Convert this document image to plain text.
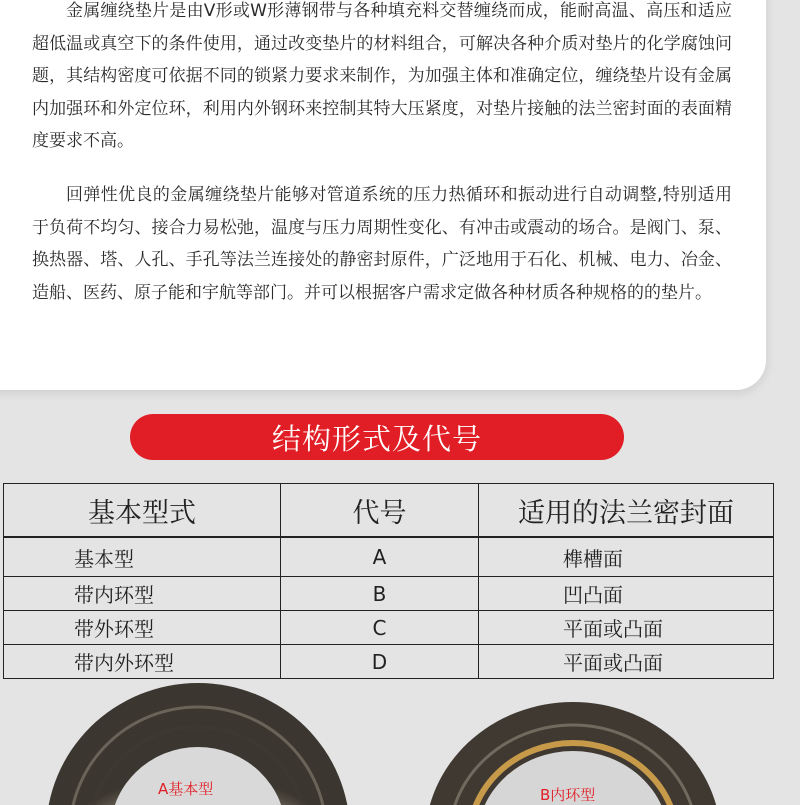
金属缠绕垫片是由V形或W形薄钢带与各种填充料交替缠绕而成，能耐高温、高压和适应超低温或真空下的条件使用，通过改变垫片的材料组合，可解决各种介质对垫片的化学腐蚀问题，其结构密度可依据不同的锁紧力要求来制作，为加强主体和准确定位，缠绕垫片设有金属内加强环和外定位环，利用内外钢环来控制其特大压紧度，对垫片接触的法兰密封面的表面精度要求不高。

回弹性优良的金属缠绕垫片能够对管道系统的压力热循环和振动进行自动调整,特别适用于负荷不均匀、接合力易松弛，温度与压力周期性变化、有冲击或震动的场合。是阀门、泵、换热器、塔、人孔、手孔等法兰连接处的静密封原件，广泛地用于石化、机械、电力、冶金、造船、医药、原子能和宇航等部门。并可以根据客户需求定做各种材质各种规格的的垫片。

结构形式及代号
基本型式	代号	适用的法兰密封面
基本型	A	榫槽面
带内环型	B	凹凸面
带外环型	C	平面或凸面
带内外环型	D	平面或凸面
A基本型	B内环型
